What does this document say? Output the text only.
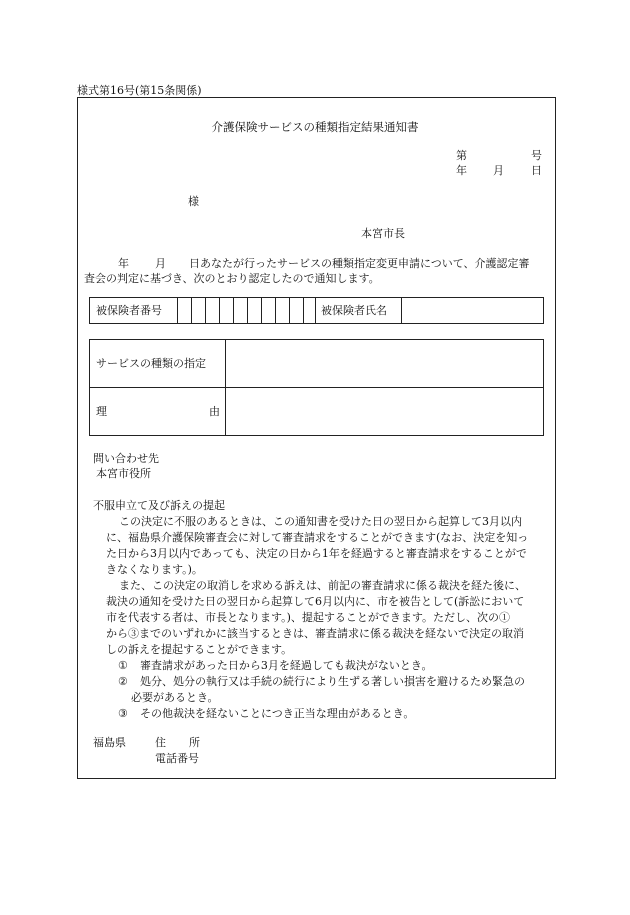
様式第16号(第15条関係)
介護保険サービスの種類指定結果通知書
第	号
年 月 日
様
本宮市長
年 月 日あなたが行ったサービスの種類指定変更申請について、介護認定審
査会の判定に基づき、次のとおり認定したので通知します。
被保険者番号	被保険者氏名
サービスの種類の指定
理	由
問い合わせ先
本宮市役所
不服申立て及び訴えの提起
この決定に不服のあるときは、この通知書を受けた日の翌日から起算して3月以内
に、福島県介護保険審査会に対して審査請求をすることができます(なお、決定を知っ
た日から3月以内であっても、決定の日から1年を経過すると審査請求をすることがで
きなくなります。)。
また、この決定の取消しを求める訴えは、前記の審査請求に係る裁決を経た後に、
裁決の通知を受けた日の翌日から起算して6月以内に、市を被告として(訴訟において
市を代表する者は、市長となります。)、提起することができます。ただし、次の①
から③までのいずれかに該当するときは、審査請求に係る裁決を経ないで決定の取消
しの訴えを提起することができます。
① 審査請求があった日から3月を経過しても裁決がないとき。
② 処分、処分の執行又は手続の続行により生ずる著しい損害を避けるため緊急の
必要があるとき。
③ その他裁決を経ないことにつき正当な理由があるとき。
福島県	住 所
電話番号
